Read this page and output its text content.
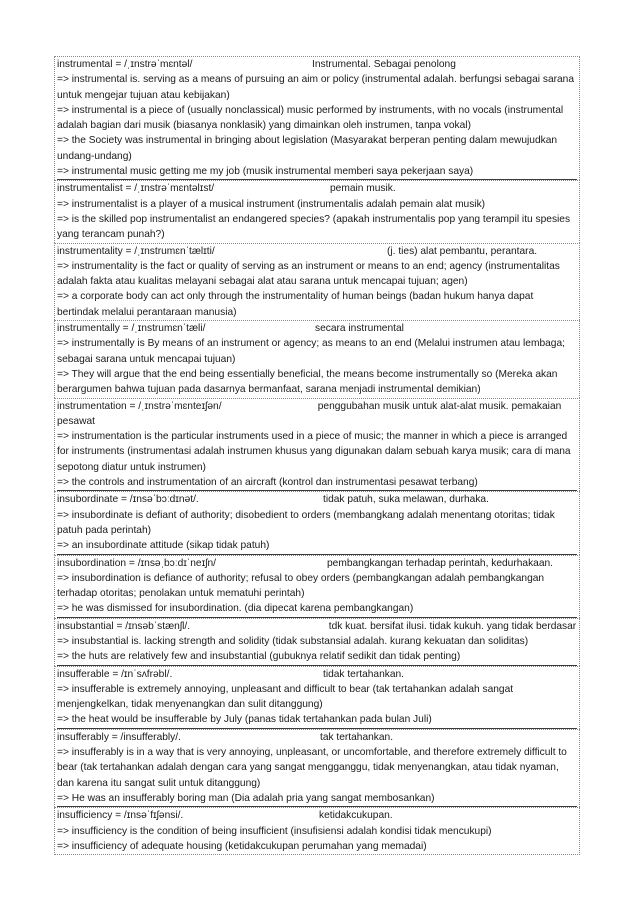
instrumental = /ˌɪnstrəˈmɛntəl/	Instrumental. Sebagai penolong

=> instrumental is. serving as a means of pursuing an aim or policy (instrumental adalah. berfungsi sebagai sarana untuk mengejar tujuan atau kebijakan)
=> instrumental is a piece of (usually nonclassical) music performed by instruments, with no vocals (instrumental adalah bagian dari musik (biasanya nonklasik) yang dimainkan oleh instrumen, tanpa vokal)
=> the Society was instrumental in bringing about legislation (Masyarakat berperan penting dalam mewujudkan undang-undang)
=> instrumental music getting me my job (musik instrumental memberi saya pekerjaan saya)

instrumentalist = /ˌɪnstrəˈmɛntəlɪst/	pemain musik.

=> instrumentalist is a player of a musical instrument (instrumentalis adalah pemain alat musik)
=> is the skilled pop instrumentalist an endangered species? (apakah instrumentalis pop yang terampil itu spesies yang terancam punah?)

instrumentality = /ˌɪnstrumɛnˈtælɪti/	(j. ties) alat pembantu, perantara.

=> instrumentality is the fact or quality of serving as an instrument or means to an end; agency (instrumentalitas adalah fakta atau kualitas melayani sebagai alat atau sarana untuk mencapai tujuan; agen)
=> a corporate body can act only through the instrumentality of human beings (badan hukum hanya dapat bertindak melalui perantaraan manusia)

instrumentally = /ˌɪnstrumɛnˈtæli/	secara instrumental

=> instrumentally is By means of an instrument or agency; as means to an end (Melalui instrumen atau lembaga; sebagai sarana untuk mencapai tujuan)
=> They will argue that the end being essentially beneficial, the means become instrumentally so (Mereka akan berargumen bahwa tujuan pada dasarnya bermanfaat, sarana menjadi instrumental demikian)

instrumentation = /ˌɪnstrəˈmɛnteɪʃən/	penggubahan musik untuk alat-alat musik. pemakaian pesawat

=> instrumentation is the particular instruments used in a piece of music; the manner in which a piece is arranged for instruments (instrumentasi adalah instrumen khusus yang digunakan dalam sebuah karya musik; cara di mana sepotong diatur untuk instrumen)
=> the controls and instrumentation of an aircraft (kontrol dan instrumentasi pesawat terbang)

insubordinate = /ɪnsəˈbɔːdɪnət/.	tidak patuh, suka melawan, durhaka.

=> insubordinate is defiant of authority; disobedient to orders (membangkang adalah menentang otoritas; tidak patuh pada perintah)
=> an insubordinate attitude (sikap tidak patuh)

insubordination = /ɪnsəˌbɔːdɪˈneɪʃn/	pembangkangan terhadap perintah, kedurhakaan.

=> insubordination is defiance of authority; refusal to obey orders (pembangkangan adalah pembangkangan terhadap otoritas; penolakan untuk mematuhi perintah)
=> he was dismissed for insubordination. (dia dipecat karena pembangkangan)

insubstantial = /ɪnsəbˈstænʃl/.	tdk kuat. bersifat ilusi. tidak kukuh. yang tidak berdasar

=> insubstantial is. lacking strength and solidity (tidak substansial adalah. kurang kekuatan dan soliditas)
=> the huts are relatively few and insubstantial (gubuknya relatif sedikit dan tidak penting)

insufferable = /ɪnˈsʌfrəbl/.	tidak tertahankan.

=> insufferable is extremely annoying, unpleasant and difficult to bear (tak tertahankan adalah sangat menjengkelkan, tidak menyenangkan dan sulit ditanggung)
=> the heat would be insufferable by July (panas tidak tertahankan pada bulan Juli)

insufferably = /insufferably/.	tak tertahankan.

=> insufferably is in a way that is very annoying, unpleasant, or uncomfortable, and therefore extremely difficult to bear (tak tertahankan adalah dengan cara yang sangat mengganggu, tidak menyenangkan, atau tidak nyaman, dan karena itu sangat sulit untuk ditanggung)
=> He was an insufferably boring man (Dia adalah pria yang sangat membosankan)

insufficiency = /ɪnsəˈfɪʃənsi/.	ketidakcukupan.

=> insufficiency is the condition of being insufficient (insufisiensi adalah kondisi tidak mencukupi)
=> insufficiency of adequate housing (ketidakcukupan perumahan yang memadai)
